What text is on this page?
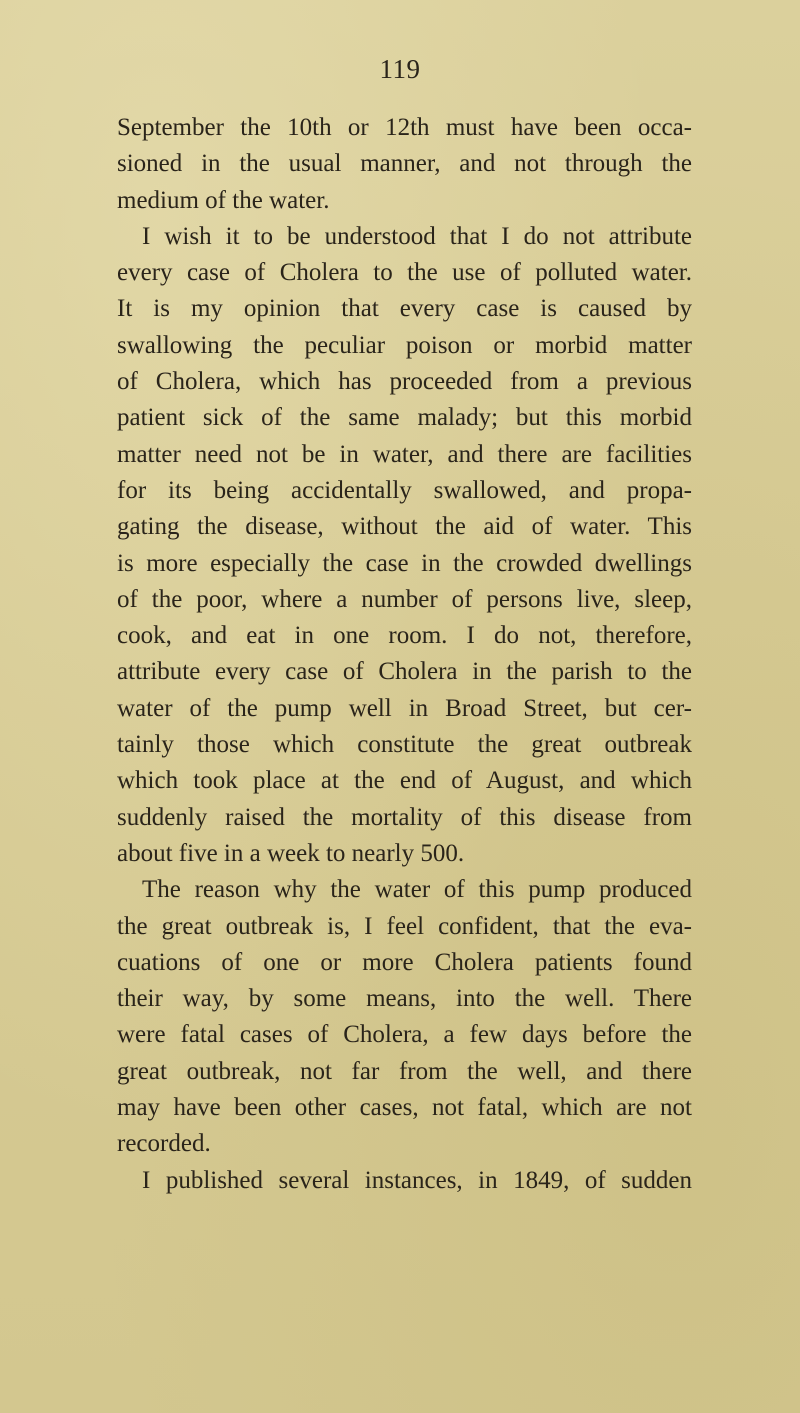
119
September the 10th or 12th must have been occa-
sioned in the usual manner, and not through the
medium of the water.
I wish it to be understood that I do not attribute
every case of Cholera to the use of polluted water.
It is my opinion that every case is caused by
swallowing the peculiar poison or morbid matter
of Cholera, which has proceeded from a previous
patient sick of the same malady; but this morbid
matter need not be in water, and there are facilities
for its being accidentally swallowed, and propa-
gating the disease, without the aid of water. This
is more especially the case in the crowded dwellings
of the poor, where a number of persons live, sleep,
cook, and eat in one room. I do not, therefore,
attribute every case of Cholera in the parish to the
water of the pump well in Broad Street, but cer-
tainly those which constitute the great outbreak
which took place at the end of August, and which
suddenly raised the mortality of this disease from
about five in a week to nearly 500.
The reason why the water of this pump produced
the great outbreak is, I feel confident, that the eva-
cuations of one or more Cholera patients found
their way, by some means, into the well. There
were fatal cases of Cholera, a few days before the
great outbreak, not far from the well, and there
may have been other cases, not fatal, which are not
recorded.
I published several instances, in 1849, of sudden
